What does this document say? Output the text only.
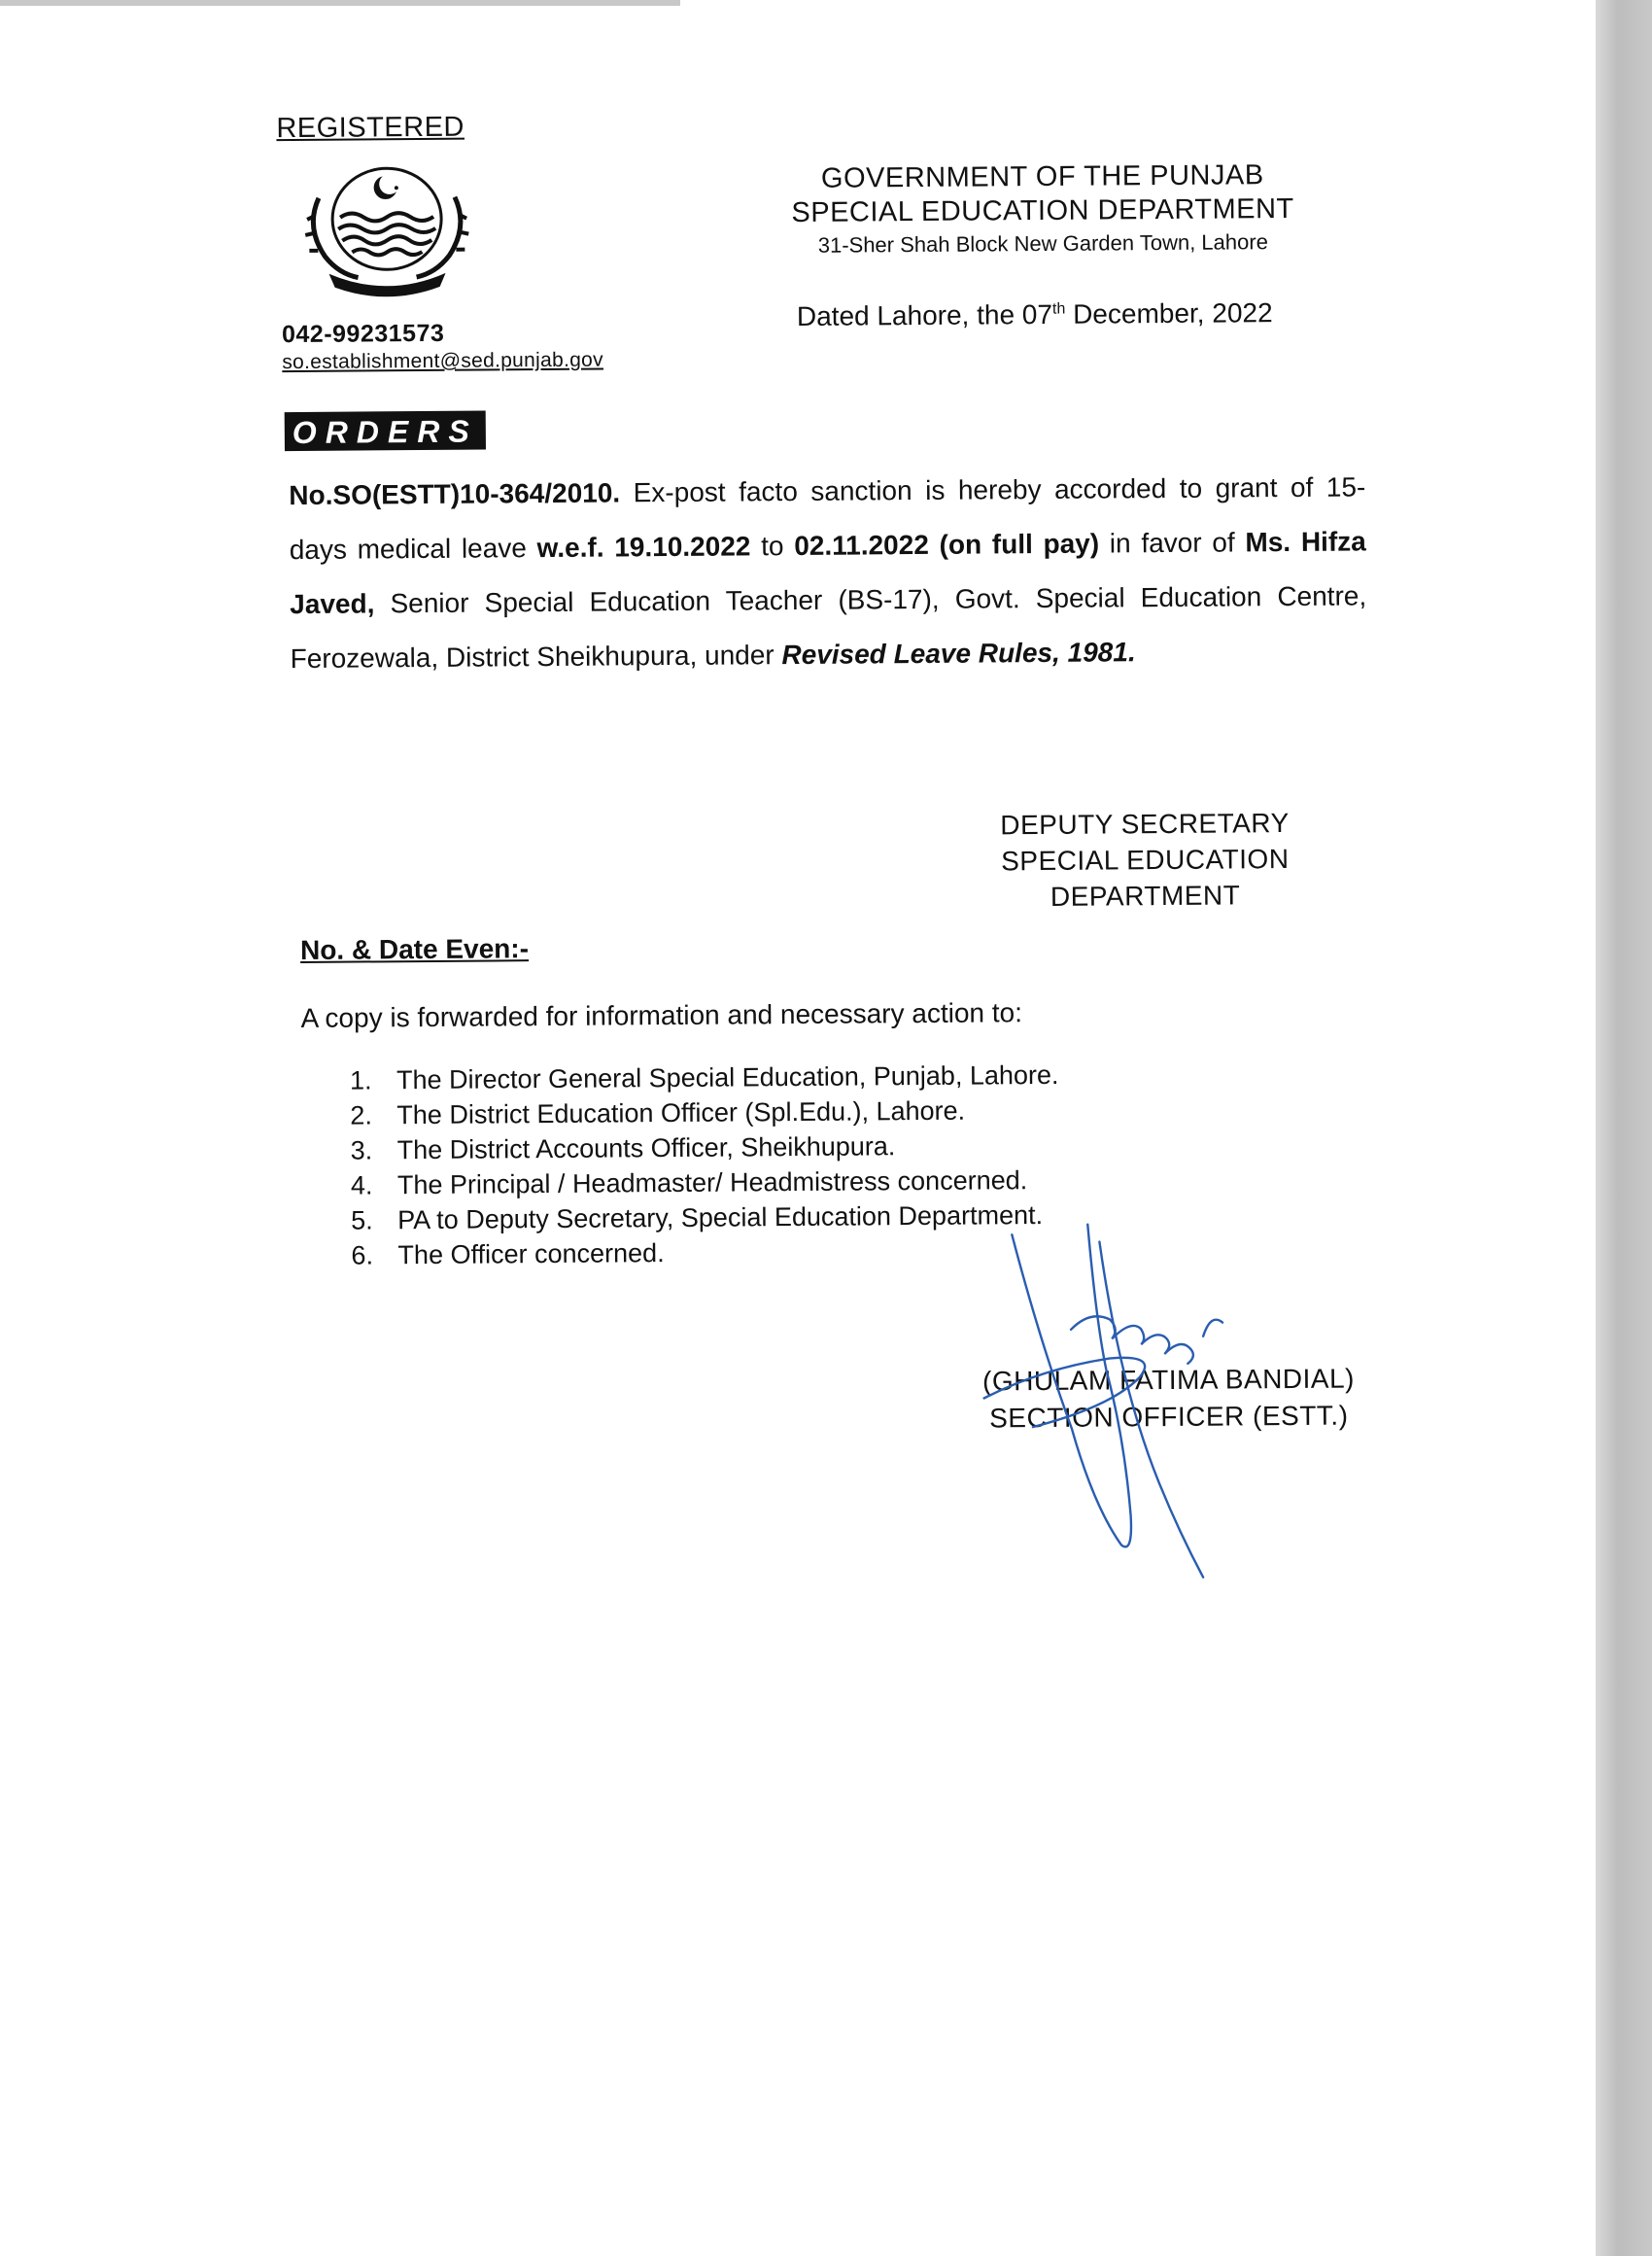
REGISTERED
042-99231573
so.establishment@sed.punjab.gov
GOVERNMENT OF THE PUNJAB
SPECIAL EDUCATION DEPARTMENT
31-Sher Shah Block New Garden Town, Lahore
Dated Lahore, the 07th December, 2022
ORDERS
No.SO(ESTT)10-364/2010. Ex-post facto sanction is hereby accorded to grant of 15-days medical leave w.e.f. 19.10.2022 to 02.11.2022 (on full pay) in favor of Ms. Hifza Javed, Senior Special Education Teacher (BS-17), Govt. Special Education Centre, Ferozewala, District Sheikhupura, under Revised Leave Rules, 1981.
DEPUTY SECRETARY
SPECIAL EDUCATION
DEPARTMENT
No. & Date Even:-
A copy is forwarded for information and necessary action to:
1. The Director General Special Education, Punjab, Lahore.
2. The District Education Officer (Spl.Edu.), Lahore.
3. The District Accounts Officer, Sheikhupura.
4. The Principal / Headmaster/ Headmistress concerned.
5. PA to Deputy Secretary, Special Education Department.
6. The Officer concerned.
(GHULAM FATIMA BANDIAL)
SECTION OFFICER (ESTT.)
